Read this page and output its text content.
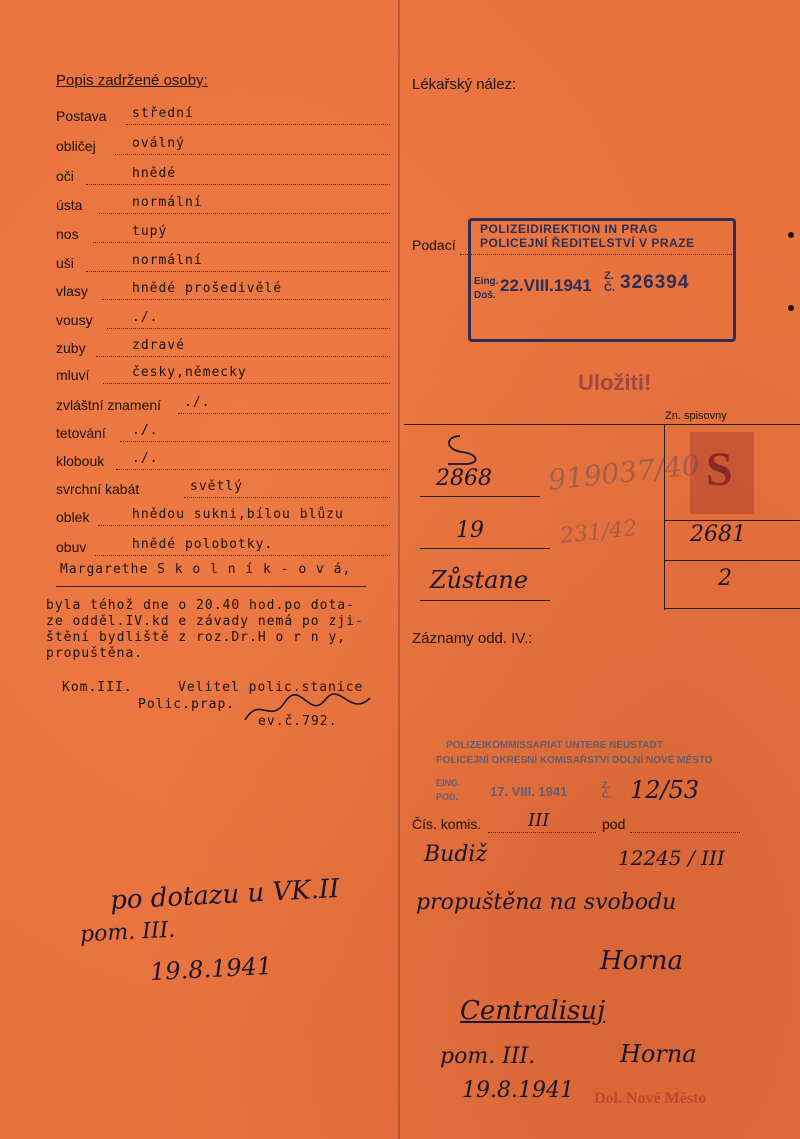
Popis zadržené osoby:
Postava střední
obličej	oválný
oči	hnědé
ústa	normální
nos	tupý
uši	normální
vlasy	hnědé prošedivělé
vousy	./.
zuby	zdravé
mluví	česky,německy
zvláštní znamení ./.
tetování ./.
klobouk ./.
svrchní kabát	světlý
oblek	hnědou sukni,bílou blůzu
obuv	hnědé polobotky.
Margarethe S k o l n í k - o v á,
byla téhož dne o 20.40 hod.po dota-
ze odděl.IV.kd e závady nemá po zji-
štění bydliště z roz.Dr.H o r n y,
propuštěna.
Kom.III.	Velitel polic.stanice
Polic.prap.
ev.č.792.
po dotazu u VK.II
pom. III.
19.8.1941
Lékařský nález:
Podací
POLIZEIDIREKTION IN PRAG
POLICEJNÍ ŘEDITELSTVÍ V PRAZE
Eing.
Doš.
22.VIII.1941 Z. Č. 326394
Uložiti!
Zn. spisovny
S
2681
2
2868
19
Zůstane
919037/40
231/42
Záznamy odd. IV.:
POLIZEIKOMMISSARIAT UNTERE NEUSTADT
POLICEJNÍ OKRESNÍ KOMISAŘSTVÍ DOLNÍ NOVÉ MĚSTO
EING.
POD. 17. VIII. 1941	Z. Č. 12/53
Čís. komis.	III	pod
Budiž	12245 / III
propuštěna na svobodu
Horna
Centralisuj
pom. III.	Horna
19.8.1941 Dol. Nové Město
